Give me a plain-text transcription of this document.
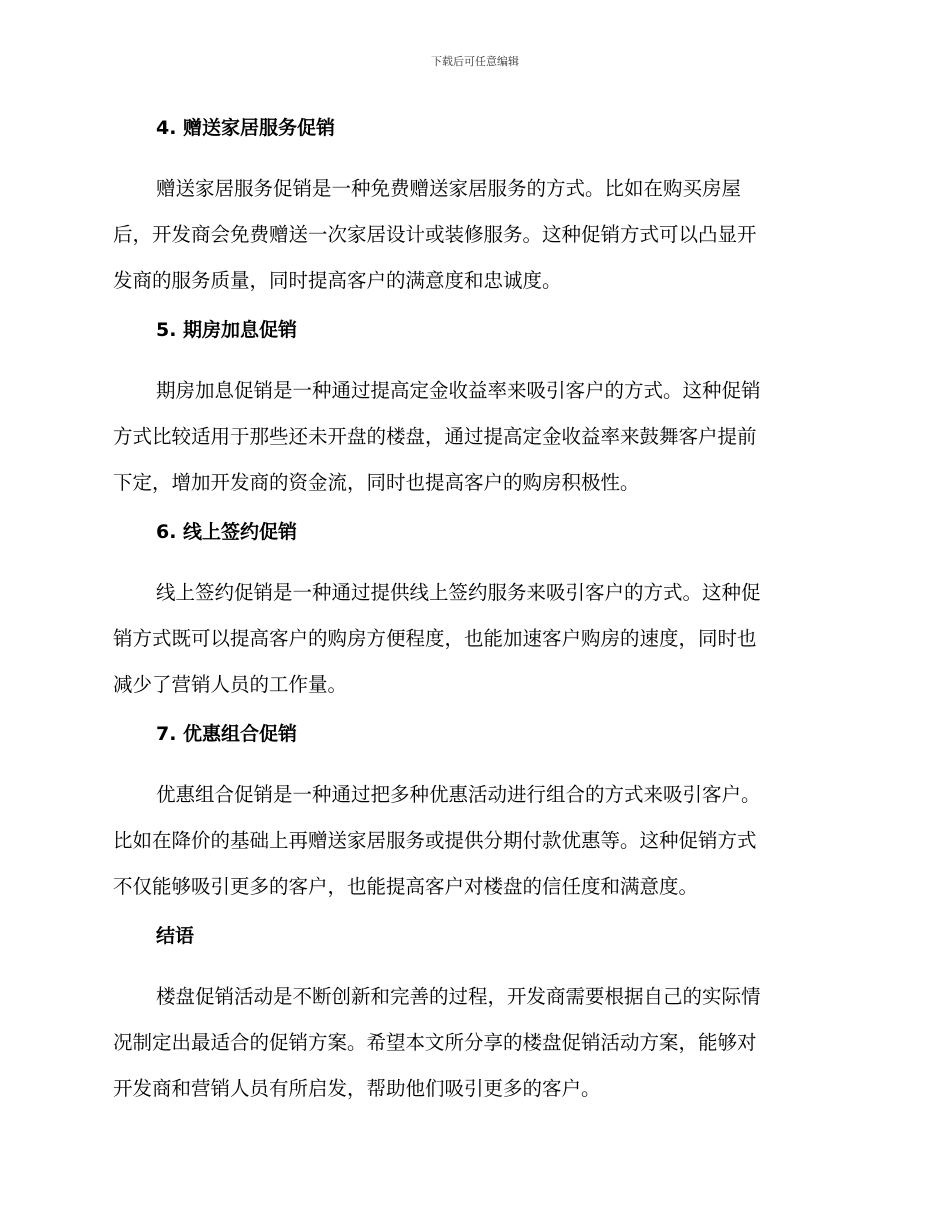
下载后可任意编辑
4. 赠送家居服务促销

赠送家居服务促销是一种免费赠送家居服务的方式。比如在购买房屋
后，开发商会免费赠送一次家居设计或装修服务。这种促销方式可以凸显开
发商的服务质量，同时提高客户的满意度和忠诚度。

5. 期房加息促销

期房加息促销是一种通过提高定金收益率来吸引客户的方式。这种促销
方式比较适用于那些还未开盘的楼盘，通过提高定金收益率来鼓舞客户提前
下定，增加开发商的资金流，同时也提高客户的购房积极性。

6. 线上签约促销

线上签约促销是一种通过提供线上签约服务来吸引客户的方式。这种促
销方式既可以提高客户的购房方便程度，也能加速客户购房的速度，同时也
减少了营销人员的工作量。

7. 优惠组合促销

优惠组合促销是一种通过把多种优惠活动进行组合的方式来吸引客户。
比如在降价的基础上再赠送家居服务或提供分期付款优惠等。这种促销方式
不仅能够吸引更多的客户，也能提高客户对楼盘的信任度和满意度。

结语

楼盘促销活动是不断创新和完善的过程，开发商需要根据自己的实际情
况制定出最适合的促销方案。希望本文所分享的楼盘促销活动方案，能够对
开发商和营销人员有所启发，帮助他们吸引更多的客户。
